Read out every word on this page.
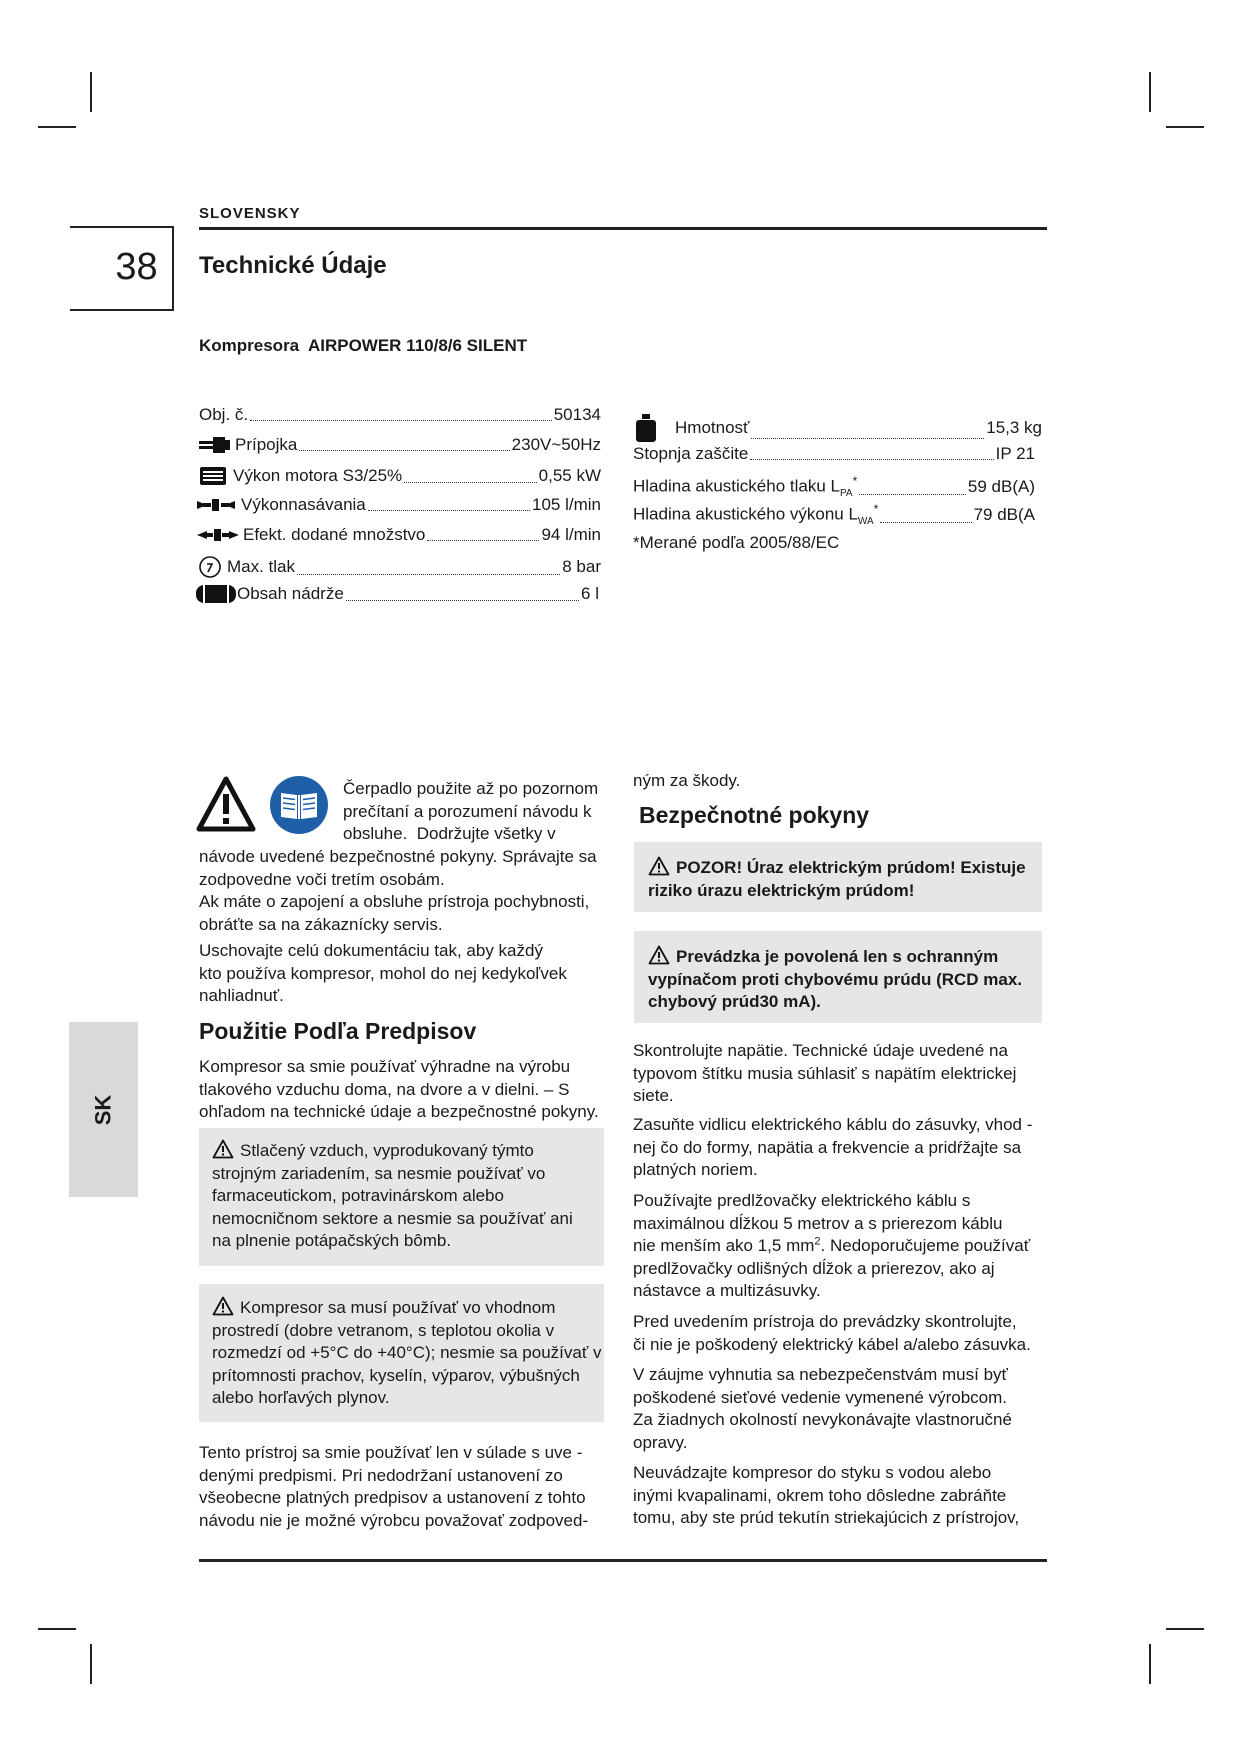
SLOVENSKY
38	Technické Údaje
Kompresora  AIRPOWER 110/8/6 SILENT
Obj. č.	50134
Prípojka	230V~50Hz
Výkon motora S3/25%	0,55 kW
Výkonnasávania	105 l/min
Efekt. dodané množstvo	94 l/min
Max. tlak	8 bar
Obsah nádrže	6 l
Hmotnosť	15,3 kg
Stopnja zaščite	IP 21
Hladina akustického tlaku $L_{PA}^*$	59 dB(A)
Hladina akustického výkonu $L_{WA}^*$	79 dB(A
*Merané podľa 2005/88/EC
Čerpadlo použite až po pozornom
prečítaní a porozumení návodu k
obsluhe.  Dodržujte všetky v
návode uvedené bezpečnostné pokyny. Správajte sa
zodpovedne voči tretím osobám.
Ak máte o zapojení a obsluhe prístroja pochybnosti,
obráťte sa na zákaznícky servis.
Uschovajte celú dokumentáciu tak, aby každý
kto používa kompresor, mohol do nej kedykoľvek
nahliadnuť.
Použitie Podľa Predpisov
Kompresor sa smie používať výhradne na výrobu
tlakového vzduchu doma, na dvore a v dielni. – S
ohľadom na technické údaje a bezpečnostné pokyny.
Stlačený vzduch, vyprodukovaný týmto
strojným zariadením, sa nesmie používať vo
farmaceutickom, potravinárskom alebo
nemocničnom sektore a nesmie sa používať ani
na plnenie potápačských bômb.
Kompresor sa musí používať vo vhodnom
prostredí (dobre vetranom, s teplotou okolia v
rozmedzí od +5°C do +40°C); nesmie sa používať v
prítomnosti prachov, kyselín, výparov, výbušných
alebo horľavých plynov.
Tento prístroj sa smie používať len v súlade s uve -
denými predpismi. Pri nedodržaní ustanovení zo
všeobecne platných predpisov a ustanovení z tohto
návodu nie je možné výrobcu považovať zodpoved-
ným za škody.
Bezpečnotné pokyny
POZOR! Úraz elektrickým prúdom! Existuje
riziko úrazu elektrickým prúdom!
Prevádzka je povolená len s ochranným
vypínačom proti chybovému prúdu (RCD max.
chybový prúd30 mA).
Skontrolujte napätie. Technické údaje uvedené na
typovom štítku musia súhlasiť s napätím elektrickej
siete.
Zasuňte vidlicu elektrického káblu do zásuvky, vhod -
nej čo do formy, napätia a frekvencie a pridŕžajte sa
platných noriem.
Používajte predlžovačky elektrického káblu s
maximálnou dĺžkou 5 metrov a s prierezom káblu
nie menším ako 1,5 $mm^2$. Nedoporučujeme používať
predlžovačky odlišných dĺžok a prierezov, ako aj
nástavce a multizásuvky.
Pred uvedením prístroja do prevádzky skontrolujte,
či nie je poškodený elektrický kábel a/alebo zásuvka.
V záujme vyhnutia sa nebezpečenstvám musí byť
poškodené sieťové vedenie vymenené výrobcom.
Za žiadnych okolností nevykonávajte vlastnoručné
opravy.
Neuvádzajte kompresor do styku s vodou alebo
inými kvapalinami, okrem toho dôsledne zabráňte
tomu, aby ste prúd tekutín striekajúcich z prístrojov,
SK
